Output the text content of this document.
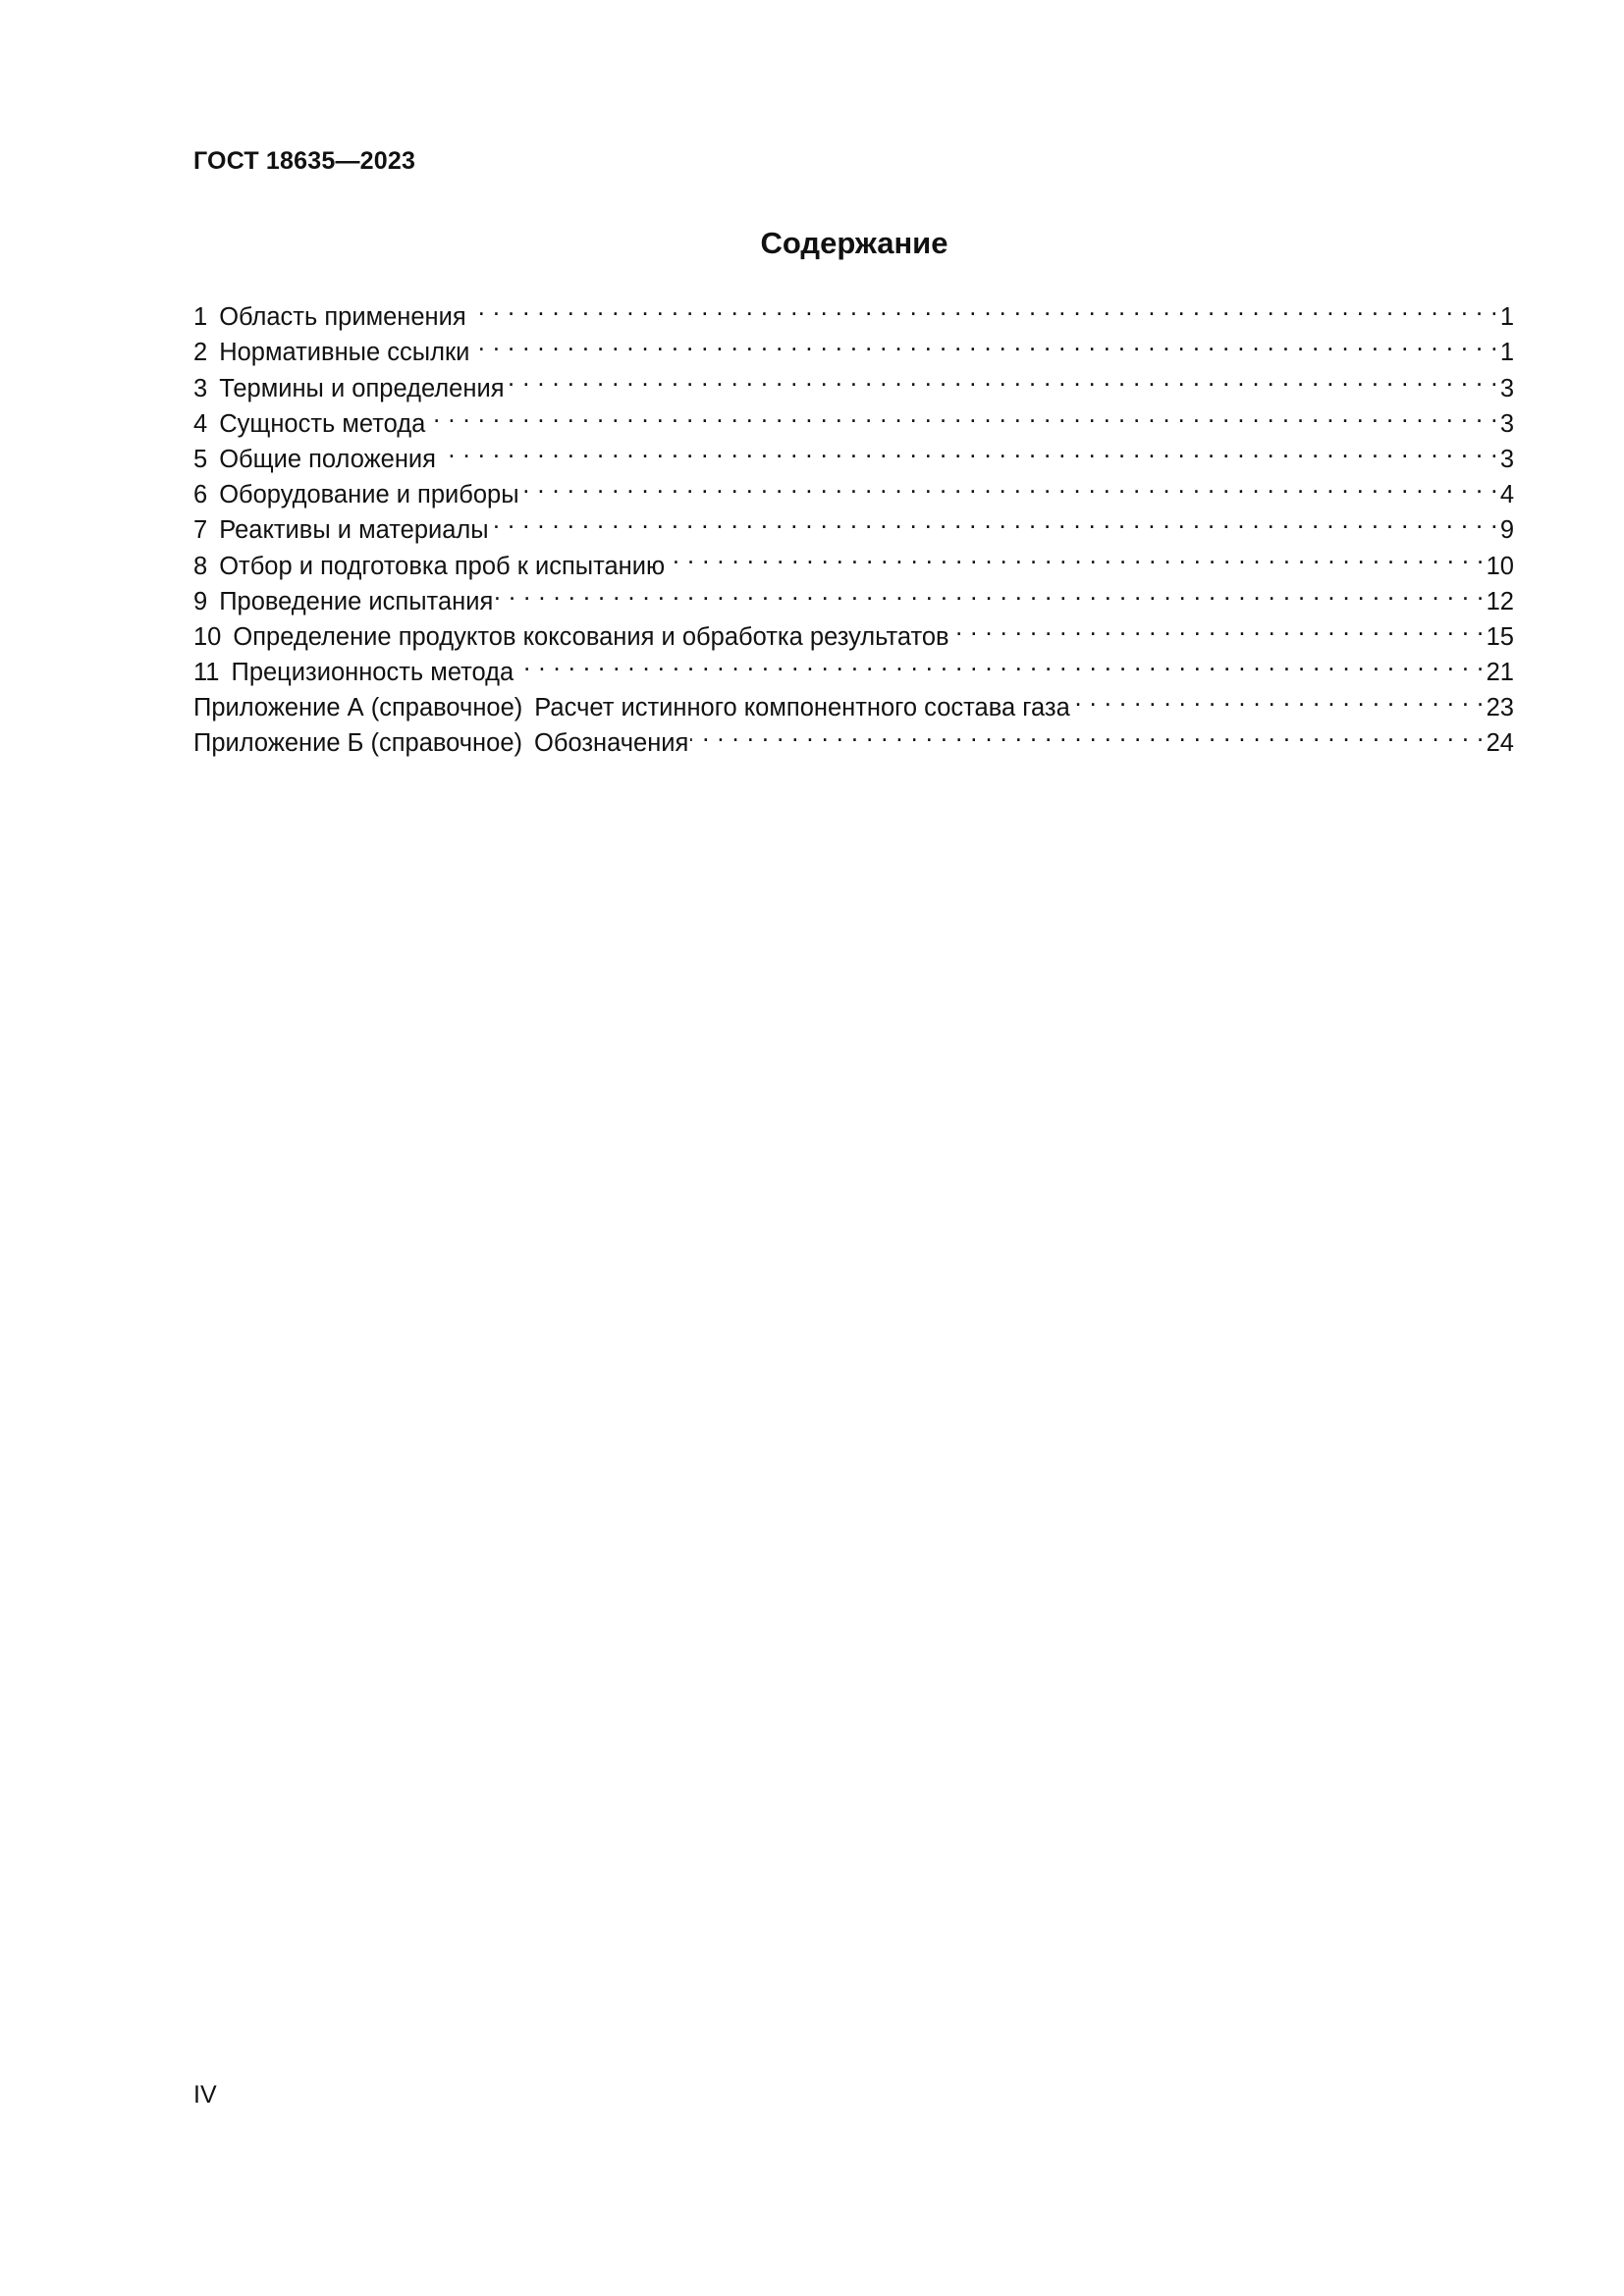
ГОСТ 18635—2023
Содержание
1 Область применения . . .	1
2 Нормативные ссылки . . .	1
3 Термины и определения . . .	3
4 Сущность метода . . .	3
5 Общие положения . . .	3
6 Оборудование и приборы . . .	4
7 Реактивы и материалы . . .	9
8 Отбор и подготовка проб к испытанию . . .	10
9 Проведение испытания . . .	12
10 Определение продуктов коксования и обработка результатов . . .	15
11 Прецизионность метода . . .	21
Приложение А (справочное) Расчет истинного компонентного состава газа . . .	23
Приложение Б (справочное) Обозначения . . .	24
IV
